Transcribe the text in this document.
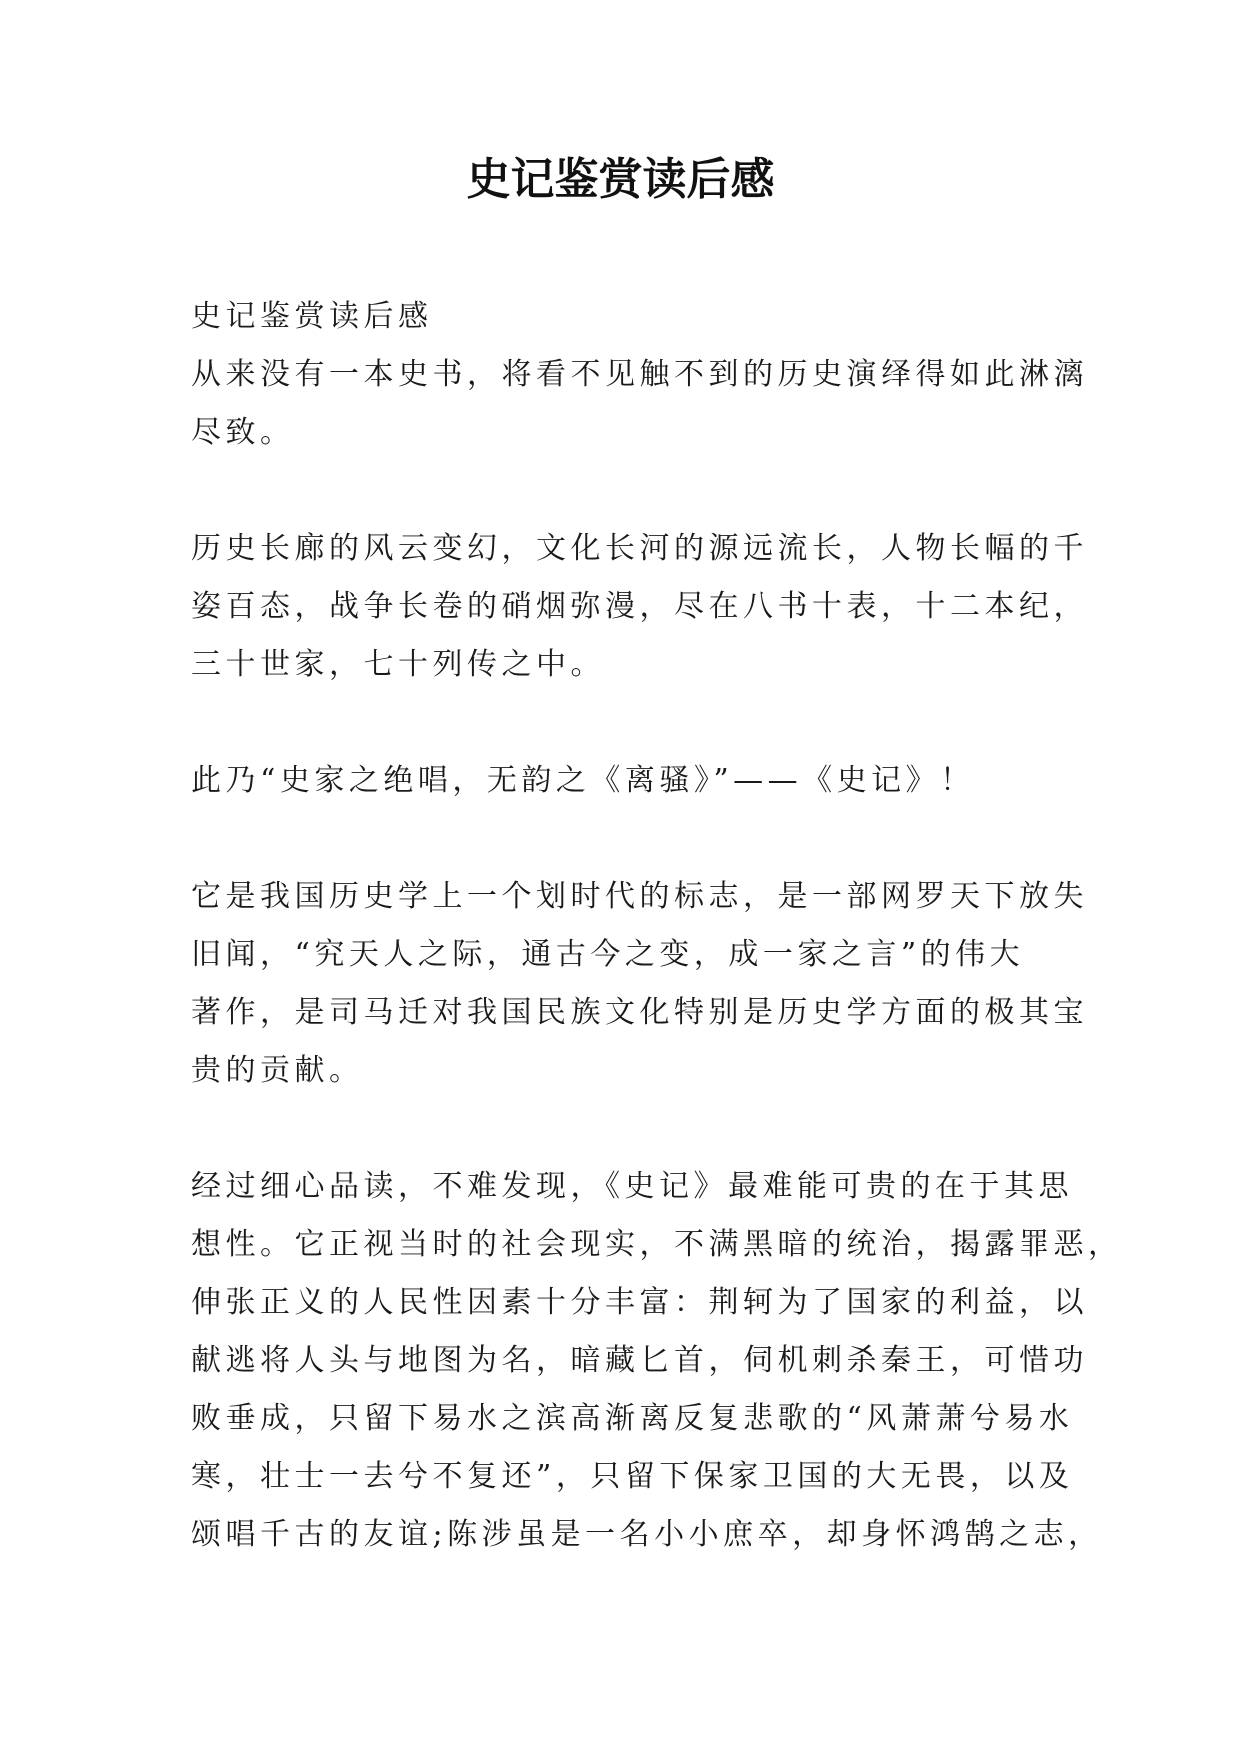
史记鉴赏读后感
史记鉴赏读后感
从来没有一本史书，将看不见触不到的历史演绎得如此淋漓
尽致。
历史长廊的风云变幻，文化长河的源远流长，人物长幅的千
姿百态，战争长卷的硝烟弥漫，尽在八书十表，十二本纪，
三十世家，七十列传之中。
此乃“史家之绝唱，无韵之《离骚》”——《史记》！
它是我国历史学上一个划时代的标志，是一部网罗天下放失
旧闻，“究天人之际，通古今之变，成一家之言”的伟大
著作，是司马迁对我国民族文化特别是历史学方面的极其宝
贵的贡献。
经过细心品读，不难发现，《史记》最难能可贵的在于其思
想性。它正视当时的社会现实，不满黑暗的统治，揭露罪恶，
伸张正义的人民性因素十分丰富：荆轲为了国家的利益，以
献逃将人头与地图为名，暗藏匕首，伺机刺杀秦王，可惜功
败垂成，只留下易水之滨高渐离反复悲歌的“风萧萧兮易水
寒，壮士一去兮不复还”，只留下保家卫国的大无畏，以及
颂唱千古的友谊;陈涉虽是一名小小庶卒，却身怀鸿鹄之志，
